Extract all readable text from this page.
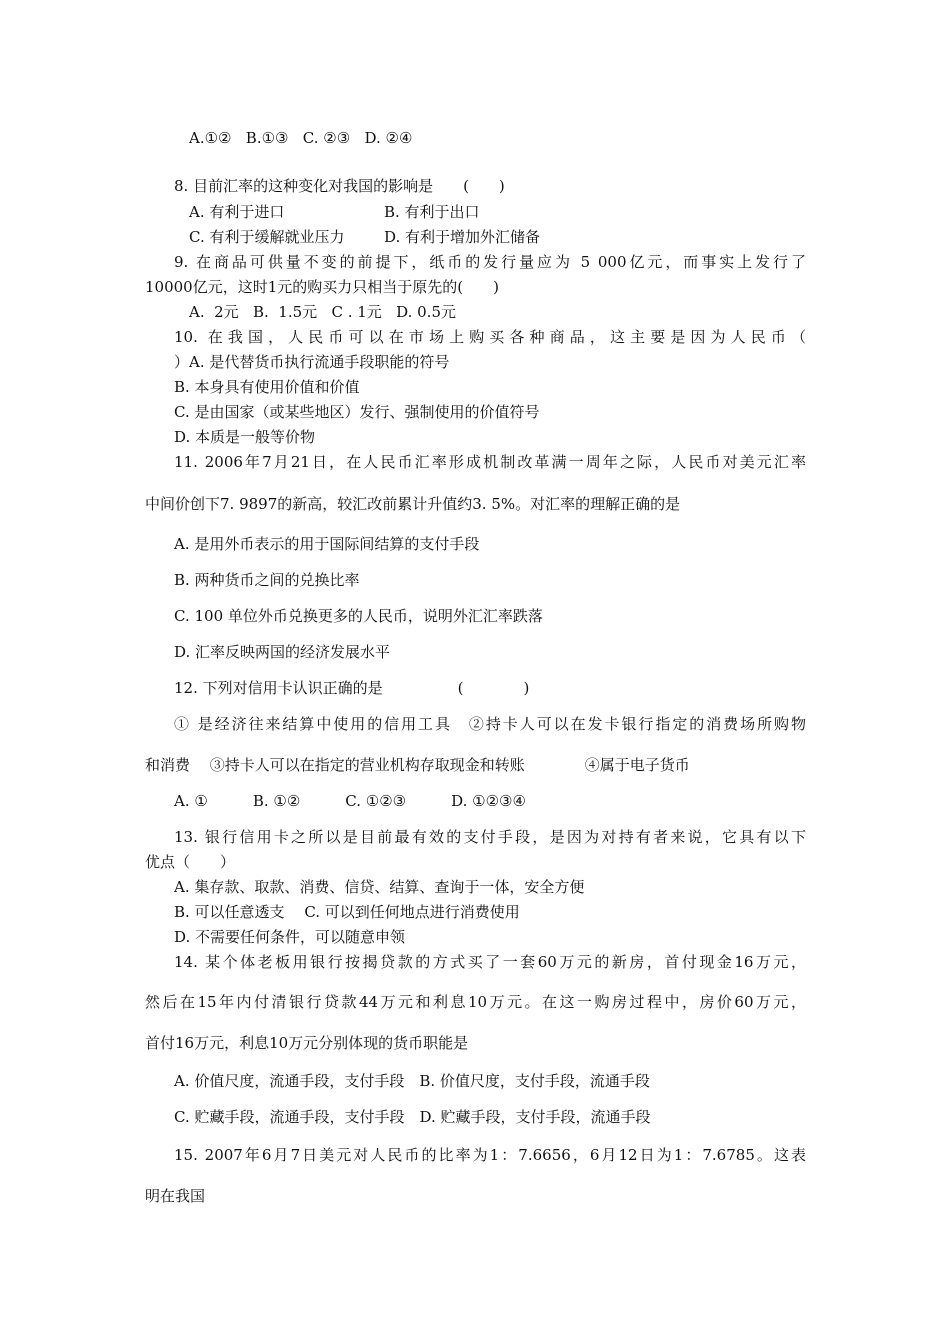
A.①②   B.①③   C. ②③   D. ②④
8. 目前汇率的这种变化对我国的影响是　　(　　)
A. 有利于进口	B. 有利于出口
C. 有利于缓解就业压力	D. 有利于增加外汇储备
9. 在商品可供量不变的前提下，纸币的发行量应为 5 000亿元，而事实上发行了
10000亿元，这时1元的购买力只相当于原先的(　　)
A.  2元   B.  1.5元   C . 1元   D. 0.5元
10. 在我国，人民币可以在市场上购买各种商品，这主要是因为人民币（
）A. 是代替货币执行流通手段职能的符号
B. 本身具有使用价值和价值
C. 是由国家（或某些地区）发行、强制使用的价值符号
D. 本质是一般等价物
11. 2006年7月21日，在人民币汇率形成机制改革满一周年之际，人民币对美元汇率
中间价创下7. 9897的新高，较汇改前累计升值约3. 5%。对汇率的理解正确的是
A. 是用外币表示的用于国际间结算的支付手段
B. 两种货币之间的兑换比率
C. 100 单位外币兑换更多的人民币，说明外汇汇率跌落
D. 汇率反映两国的经济发展水平
12. 下列对信用卡认识正确的是　　　　　(　　　　)
① 是经济往来结算中使用的信用工具　②持卡人可以在发卡银行指定的消费场所购物
和消费　 ③持卡人可以在指定的营业机构存取现金和转账　　　　④属于电子货币
A. ①　　　B. ①②　　　C. ①②③　　　D. ①②③④
13. 银行信用卡之所以是目前最有效的支付手段，是因为对持有者来说，它具有以下
优点（　　）
A. 集存款、取款、消费、信贷、结算、查询于一体，安全方便
B. 可以任意透支　 C. 可以到任何地点进行消费使用
D. 不需要任何条件，可以随意申领
14. 某个体老板用银行按揭贷款的方式买了一套60万元的新房，首付现金16万元，
然后在15年内付清银行贷款44万元和利息10万元。在这一购房过程中，房价60万元，
首付16万元，利息10万元分别体现的货币职能是
A. 价值尺度，流通手段，支付手段　B. 价值尺度，支付手段，流通手段
C. 贮藏手段，流通手段，支付手段　D. 贮藏手段，支付手段，流通手段
15. 2007年6月7日美元对人民币的比率为1：7.6656，6月12日为1：7.6785。这表
明在我国
